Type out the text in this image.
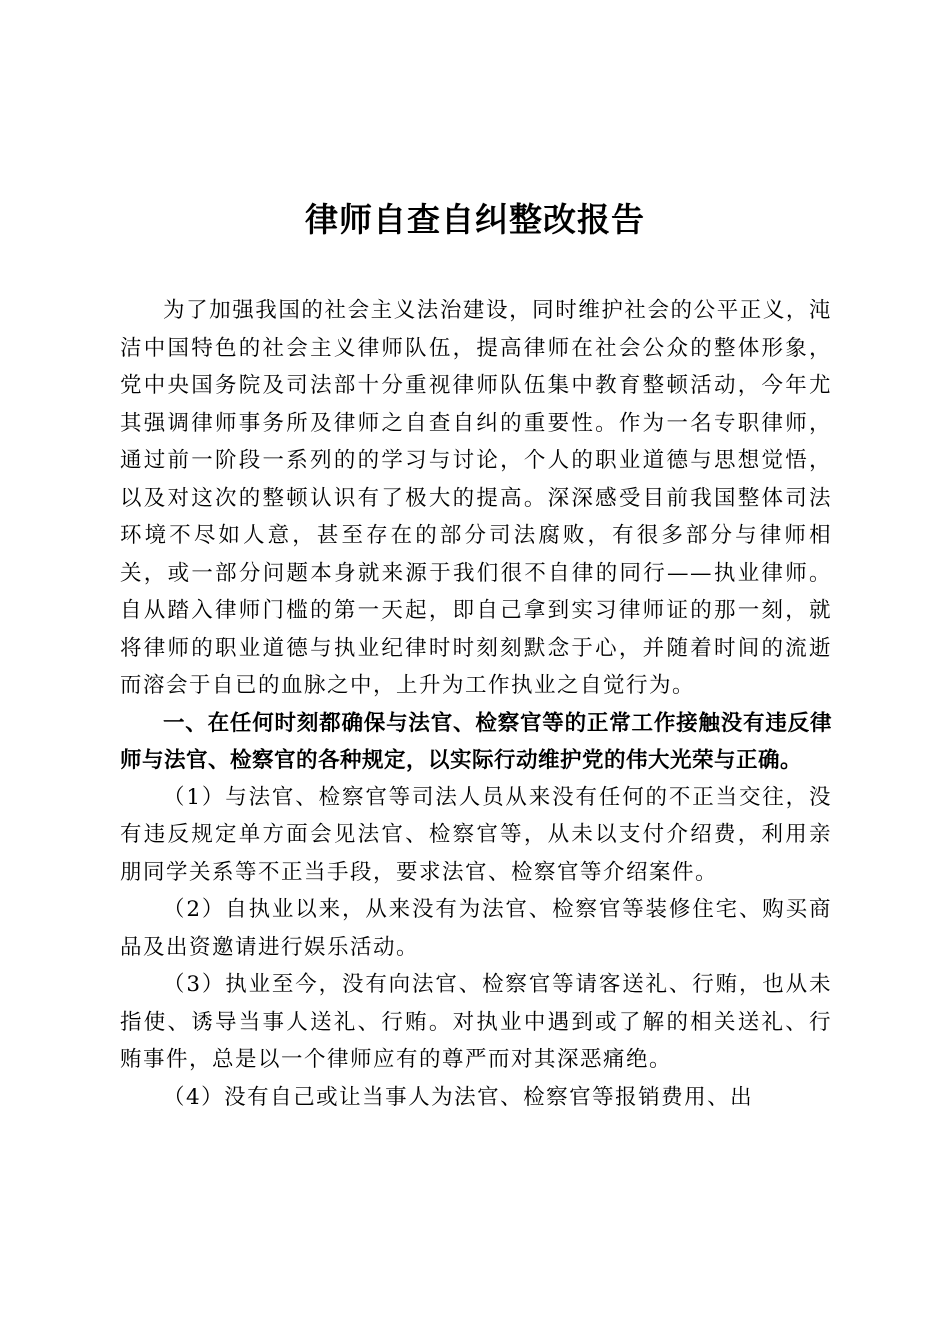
律师自查自纠整改报告

为了加强我国的社会主义法治建设，同时维护社会的公平正义，沌洁中国特色的社会主义律师队伍，提高律师在社会公众的整体形象，党中央国务院及司法部十分重视律师队伍集中教育整顿活动，今年尤其强调律师事务所及律师之自查自纠的重要性。作为一名专职律师，通过前一阶段一系列的的学习与讨论，个人的职业道德与思想觉悟，以及对这次的整顿认识有了极大的提高。深深感受目前我国整体司法环境不尽如人意，甚至存在的部分司法腐败，有很多部分与律师相关，或一部分问题本身就来源于我们很不自律的同行——执业律师。自从踏入律师门槛的第一天起，即自己拿到实习律师证的那一刻，就将律师的职业道德与执业纪律时时刻刻默念于心，并随着时间的流逝而溶会于自已的血脉之中，上升为工作执业之自觉行为。

一、在任何时刻都确保与法官、检察官等的正常工作接触没有违反律师与法官、检察官的各种规定，以实际行动维护党的伟大光荣与正确。

（1）与法官、检察官等司法人员从来没有任何的不正当交往，没有违反规定单方面会见法官、检察官等，从未以支付介绍费，利用亲朋同学关系等不正当手段，要求法官、检察官等介绍案件。

（2）自执业以来，从来没有为法官、检察官等装修住宅、购买商品及出资邀请进行娱乐活动。

（3）执业至今，没有向法官、检察官等请客送礼、行贿，也从未指使、诱导当事人送礼、行贿。对执业中遇到或了解的相关送礼、行贿事件，总是以一个律师应有的尊严而对其深恶痛绝。

（4）没有自己或让当事人为法官、检察官等报销费用、出
